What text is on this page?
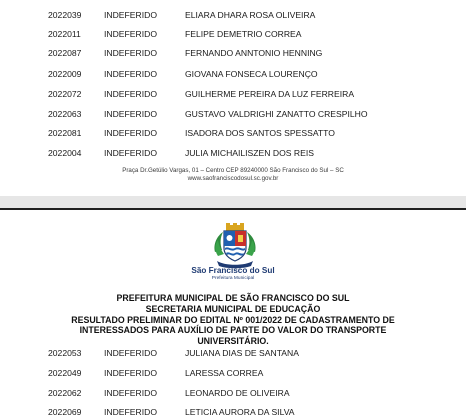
2022039	INDEFERIDO	ELIARA DHARA ROSA OLIVEIRA
2022011	INDEFERIDO	FELIPE DEMETRIO CORREA
2022087	INDEFERIDO	FERNANDO ANNTONIO HENNING
2022009	INDEFERIDO	GIOVANA FONSECA LOURENÇO
2022072	INDEFERIDO	GUILHERME PEREIRA DA LUZ FERREIRA
2022063	INDEFERIDO	GUSTAVO VALDRIGHI ZANATTO CRESPILHO
2022081	INDEFERIDO	ISADORA DOS SANTOS SPESSATTO
2022004	INDEFERIDO	JULIA MICHAILISZEN DOS REIS
Praça Dr.Getúlio Vargas, 01 – Centro CEP 89240000 São Francisco do Sul – SC
www.saofranciscodosul.sc.gov.br
São Francisco do Sul
Prefeitura Municipal
PREFEITURA MUNICIPAL DE SÃO FRANCISCO DO SUL
SECRETARIA MUNICIPAL DE EDUCAÇÃO
RESULTADO PRELIMINAR DO EDITAL Nº 001/2022 DE CADASTRAMENTO DE
INTERESSADOS PARA AUXÍLIO DE PARTE DO VALOR DO TRANSPORTE
UNIVERSITÁRIO.
2022053	INDEFERIDO	JULIANA DIAS DE SANTANA
2022049	INDEFERIDO	LARESSA CORREA
2022062	INDEFERIDO	LEONARDO DE OLIVEIRA
2022069	INDEFERIDO	LETICIA AURORA DA SILVA
